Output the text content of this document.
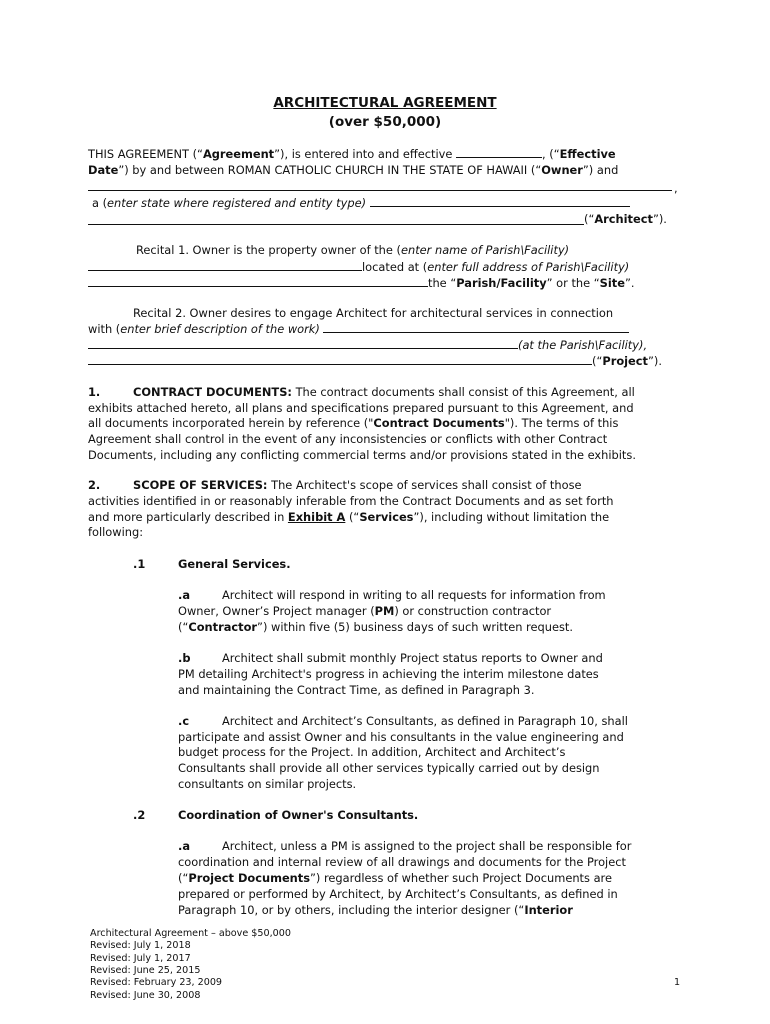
ARCHITECTURAL AGREEMENT
(over $50,000)
THIS AGREEMENT (“Agreement”), is entered into and effective	, (“Effective
Date”) by and between ROMAN CATHOLIC CHURCH IN THE STATE OF HAWAII (“Owner”) and
,
a (enter state where registered and entity type)
(“Architect”).
Recital 1. Owner is the property owner of the (enter name of Parish\Facility)
located at (enter full address of Parish\Facility)
the “Parish/Facility” or the “Site”.
Recital 2. Owner desires to engage Architect for architectural services in connection
with (enter brief description of the work)
(at the Parish\Facility),
(“Project”).
1.	CONTRACT DOCUMENTS: The contract documents shall consist of this Agreement, all
exhibits attached hereto, all plans and specifications prepared pursuant to this Agreement, and
all documents incorporated herein by reference ("Contract Documents"). The terms of this
Agreement shall control in the event of any inconsistencies or conflicts with other Contract
Documents, including any conflicting commercial terms and/or provisions stated in the exhibits.
2.	SCOPE OF SERVICES: The Architect's scope of services shall consist of those
activities identified in or reasonably inferable from the Contract Documents and as set forth
and more particularly described in Exhibit A (“Services”), including without limitation the
following:
.1	General Services.
.a	Architect will respond in writing to all requests for information from
Owner, Owner’s Project manager (PM) or construction contractor
(“Contractor”) within five (5) business days of such written request.
.b	Architect shall submit monthly Project status reports to Owner and
PM detailing Architect's progress in achieving the interim milestone dates
and maintaining the Contract Time, as defined in Paragraph 3.
.c	Architect and Architect’s Consultants, as defined in Paragraph 10, shall
participate and assist Owner and his consultants in the value engineering and
budget process for the Project. In addition, Architect and Architect’s
Consultants shall provide all other services typically carried out by design
consultants on similar projects.
.2	Coordination of Owner's Consultants.
.a	Architect, unless a PM is assigned to the project shall be responsible for
coordination and internal review of all drawings and documents for the Project
(“Project Documents”) regardless of whether such Project Documents are
prepared or performed by Architect, by Architect’s Consultants, as defined in
Paragraph 10, or by others, including the interior designer (“Interior
Architectural Agreement – above $50,000
Revised: July 1, 2018
Revised: July 1, 2017
Revised: June 25, 2015
Revised: February 23, 2009
Revised: June 30, 2008
1
